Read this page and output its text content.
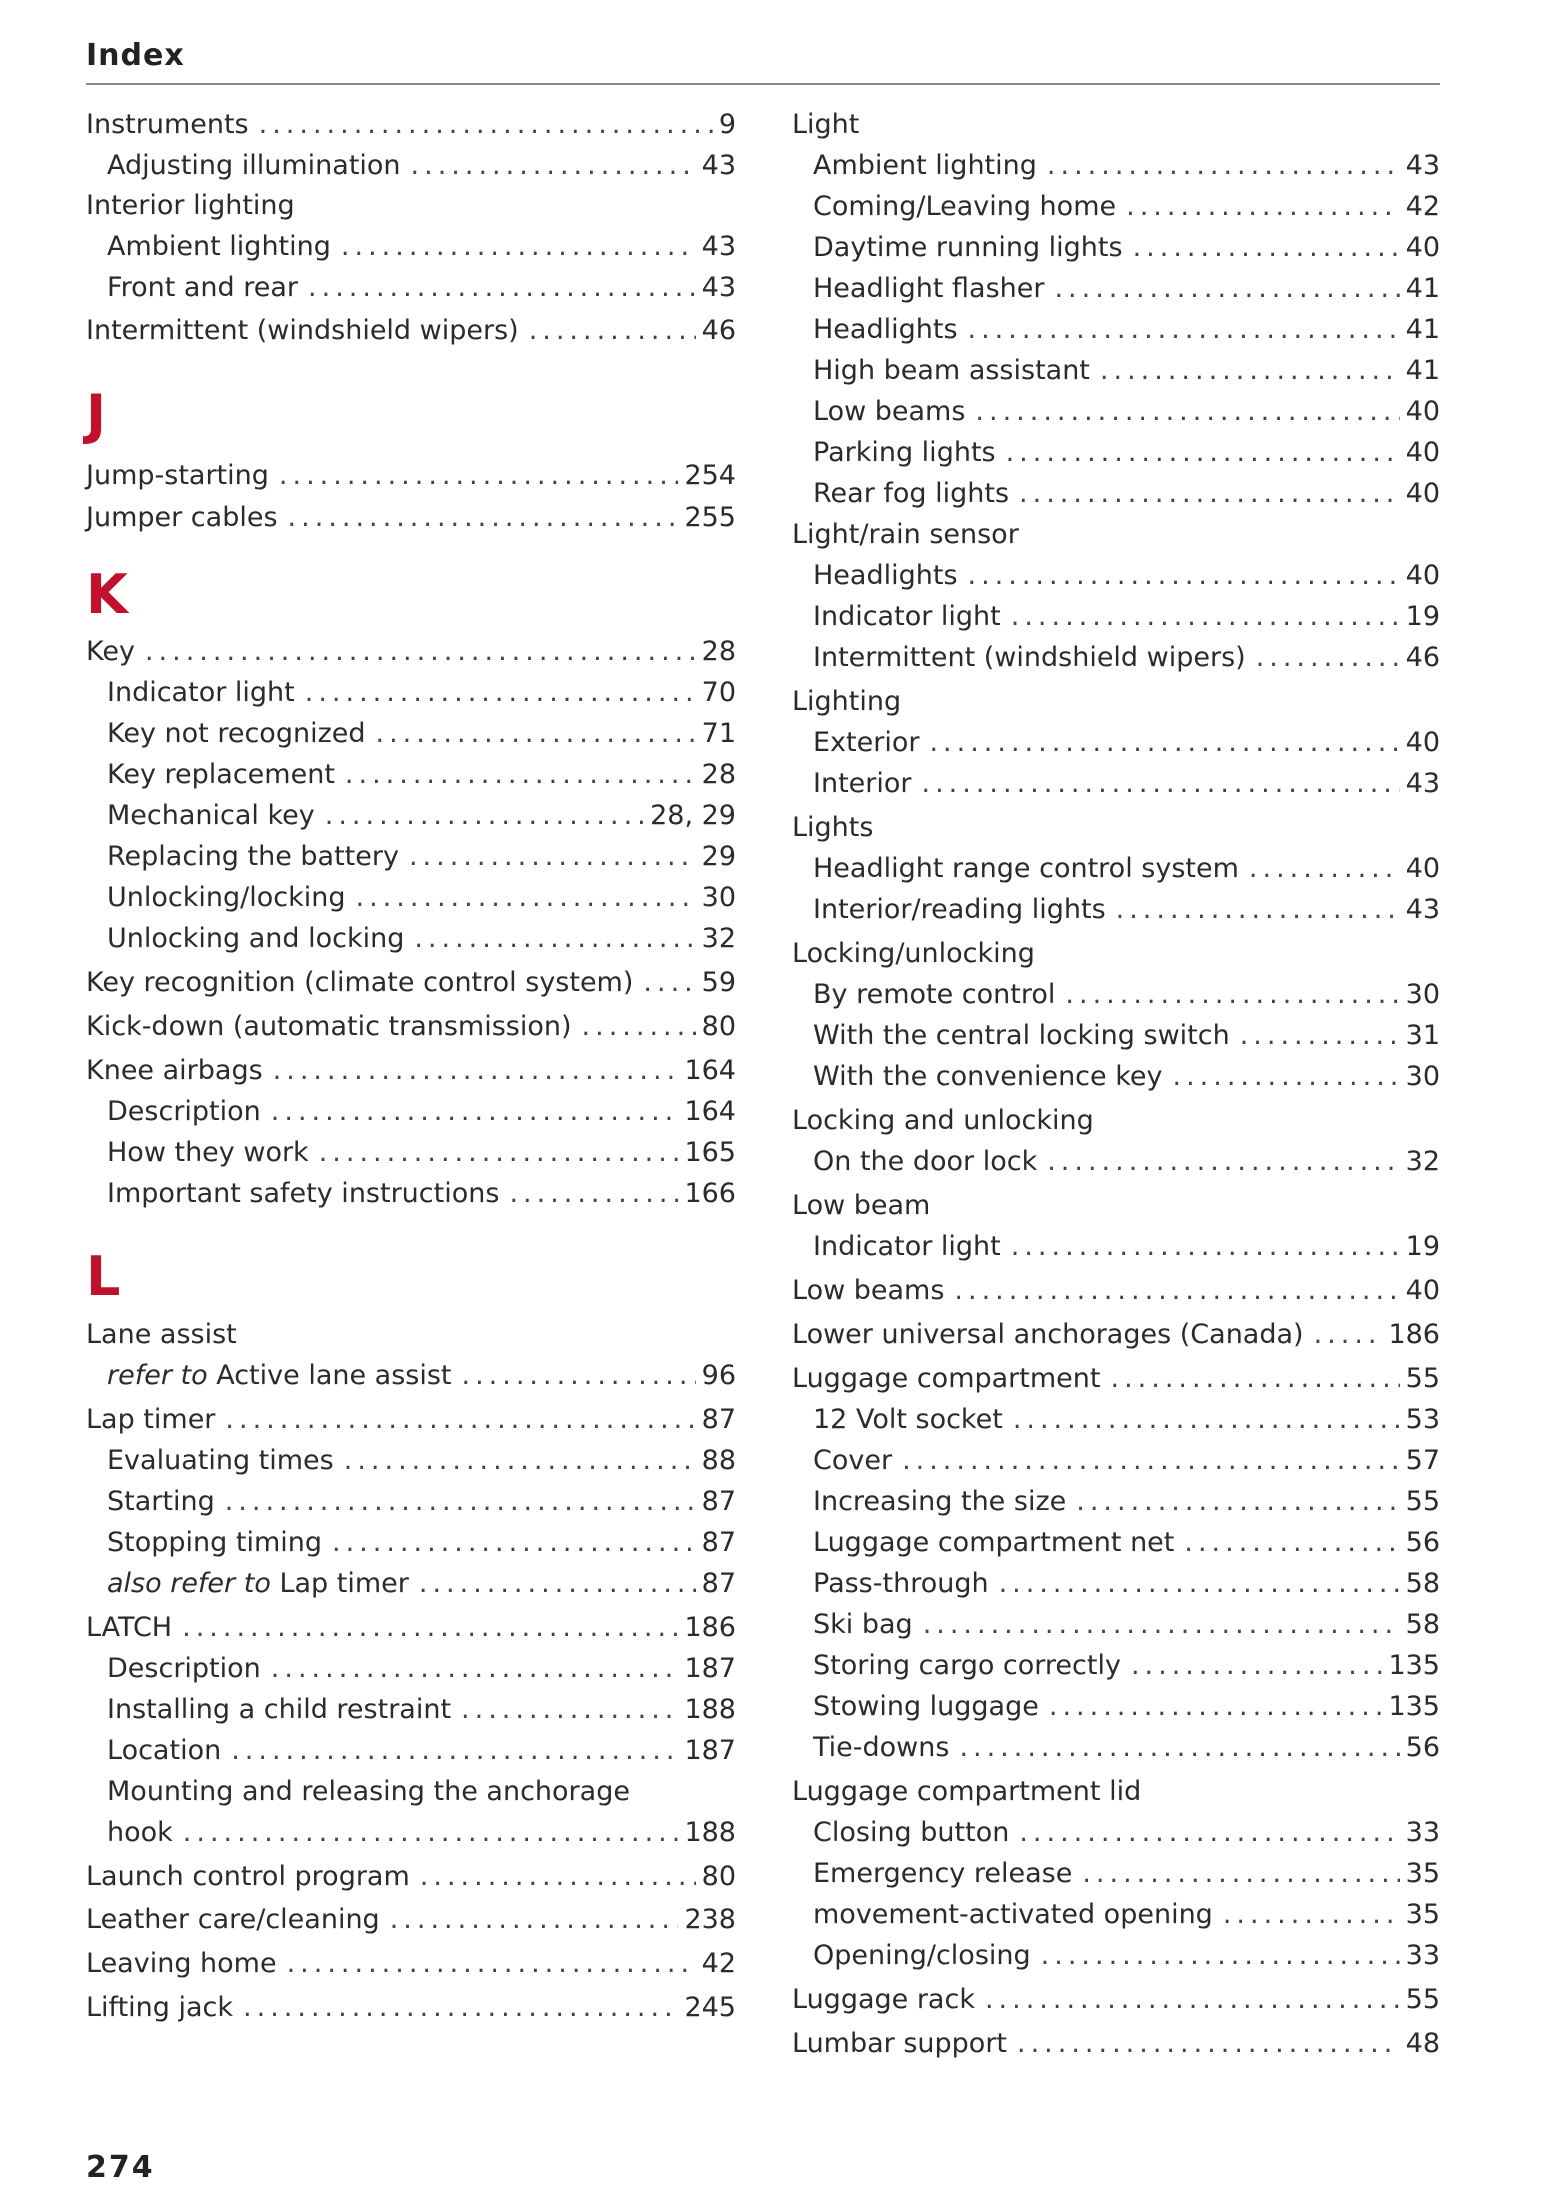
Index
Instruments .....	9
Adjusting illumination .....	43
Interior lighting
Ambient lighting .....	43
Front and rear .....	43
Intermittent (windshield wipers) .....	46
J
Jump-starting .....	254
Jumper cables .....	255
K
Key .....	28
Indicator light .....	70
Key not recognized .....	71
Key replacement .....	28
Mechanical key .....	28, 29
Replacing the battery .....	29
Unlocking/locking .....	30
Unlocking and locking .....	32
Key recognition (climate control system) .....	59
Kick-down (automatic transmission) .....	80
Knee airbags .....	164
Description .....	164
How they work .....	165
Important safety instructions .....	166
L
Lane assist
refer to Active lane assist .....	96
Lap timer .....	87
Evaluating times .....	88
Starting .....	87
Stopping timing .....	87
also refer to Lap timer .....	87
LATCH .....	186
Description .....	187
Installing a child restraint .....	188
Location .....	187
Mounting and releasing the anchorage
hook .....	188
Launch control program .....	80
Leather care/cleaning .....	238
Leaving home .....	42
Lifting jack .....	245
Light
Ambient lighting .....	43
Coming/Leaving home .....	42
Daytime running lights .....	40
Headlight flasher .....	41
Headlights .....	41
High beam assistant .....	41
Low beams .....	40
Parking lights .....	40
Rear fog lights .....	40
Light/rain sensor
Headlights .....	40
Indicator light .....	19
Intermittent (windshield wipers) .....	46
Lighting
Exterior .....	40
Interior .....	43
Lights
Headlight range control system .....	40
Interior/reading lights .....	43
Locking/unlocking
By remote control .....	30
With the central locking switch .....	31
With the convenience key .....	30
Locking and unlocking
On the door lock .....	32
Low beam
Indicator light .....	19
Low beams .....	40
Lower universal anchorages (Canada) .....	186
Luggage compartment .....	55
12 Volt socket .....	53
Cover .....	57
Increasing the size .....	55
Luggage compartment net .....	56
Pass-through .....	58
Ski bag .....	58
Storing cargo correctly .....	135
Stowing luggage .....	135
Tie-downs .....	56
Luggage compartment lid
Closing button .....	33
Emergency release .....	35
movement-activated opening .....	35
Opening/closing .....	33
Luggage rack .....	55
Lumbar support .....	48
274
